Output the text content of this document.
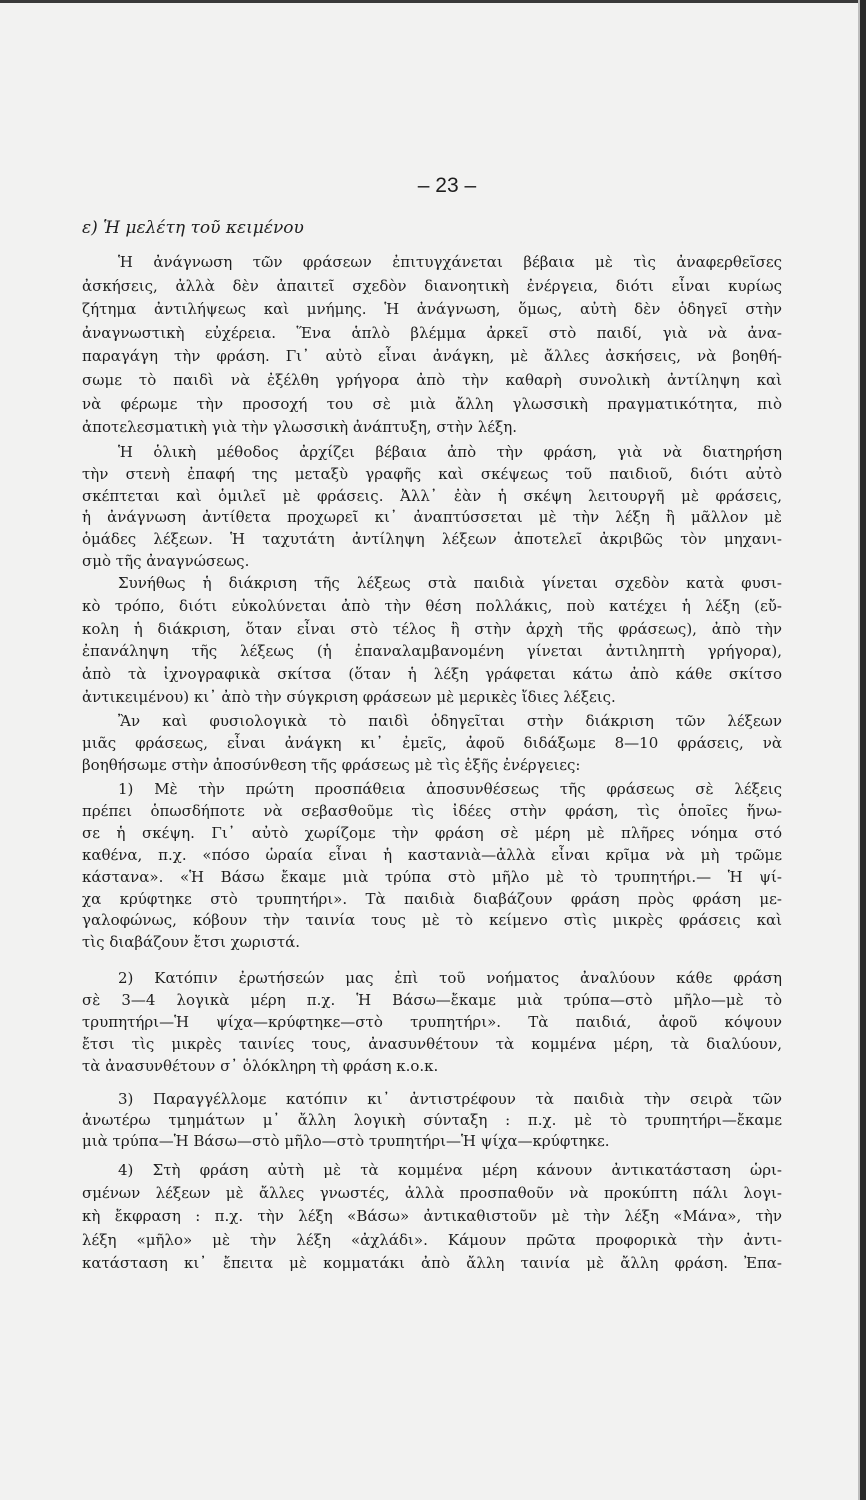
– 23 –
ε) Ἡ μελέτη τοῦ κειμένου
Ἡ ἀνάγνωση τῶν φράσεων ἐπιτυγχάνεται βέβαια μὲ τὶς ἀναφερθεῖσες
ἀσκήσεις, ἀλλὰ δὲν ἀπαιτεῖ σχεδὸν διανοητικὴ ἐνέργεια, διότι εἶναι κυρίως
ζήτημα ἀντιλήψεως καὶ μνήμης. Ἡ ἀνάγνωση, ὅμως, αὐτὴ δὲν ὁδηγεῖ στὴν
ἀναγνωστικὴ εὐχέρεια. Ἕνα ἁπλὸ βλέμμα ἀρκεῖ στὸ παιδί, γιὰ νὰ ἀνα-
παραγάγη τὴν φράση. Γι᾽ αὐτὸ εἶναι ἀνάγκη, μὲ ἄλλες ἀσκήσεις, νὰ βοηθή-
σωμε τὸ παιδὶ νὰ ἐξέλθη γρήγορα ἀπὸ τὴν καθαρὴ συνολικὴ ἀντίληψη καὶ
νὰ φέρωμε τὴν προσοχή του σὲ μιὰ ἄλλη γλωσσικὴ πραγματικότητα, πιὸ
ἀποτελεσματικὴ γιὰ τὴν γλωσσικὴ ἀνάπτυξη, στὴν λέξη.
Ἡ ὁλικὴ μέθοδος ἀρχίζει βέβαια ἀπὸ τὴν φράση, γιὰ νὰ διατηρήση
τὴν στενὴ ἐπαφή της μεταξὺ γραφῆς καὶ σκέψεως τοῦ παιδιοῦ, διότι αὐτὸ
σκέπτεται καὶ ὁμιλεῖ μὲ φράσεις. Ἀλλ᾽ ἐὰν ἡ σκέψη λειτουργῆ μὲ φράσεις,
ἡ ἀνάγνωση ἀντίθετα προχωρεῖ κι᾽ ἀναπτύσσεται μὲ τὴν λέξη ἢ μᾶλλον μὲ
ὁμάδες λέξεων. Ἡ ταχυτάτη ἀντίληψη λέξεων ἀποτελεῖ ἀκριβῶς τὸν μηχανι-
σμὸ τῆς ἀναγνώσεως.
Συνήθως ἡ διάκριση τῆς λέξεως στὰ παιδιὰ γίνεται σχεδὸν κατὰ φυσι-
κὸ τρόπο, διότι εὐκολύνεται ἀπὸ τὴν θέση πολλάκις, ποὺ κατέχει ἡ λέξη (εὔ-
κολη ἡ διάκριση, ὅταν εἶναι στὸ τέλος ἢ στὴν ἀρχὴ τῆς φράσεως), ἀπὸ τὴν
ἐπανάληψη τῆς λέξεως (ἡ ἐπαναλαμβανομένη γίνεται ἀντιληπτὴ γρήγορα),
ἀπὸ τὰ ἰχνογραφικὰ σκίτσα (ὅταν ἡ λέξη γράφεται κάτω ἀπὸ κάθε σκίτσο
ἀντικειμένου) κι᾽ ἀπὸ τὴν σύγκριση φράσεων μὲ μερικὲς ἴδιες λέξεις.
Ἂν καὶ φυσιολογικὰ τὸ παιδὶ ὁδηγεῖται στὴν διάκριση τῶν λέξεων
μιᾶς φράσεως, εἶναι ἀνάγκη κι᾽ ἐμεῖς, ἀφοῦ διδάξωμε 8—10 φράσεις, νὰ
βοηθήσωμε στὴν ἀποσύνθεση τῆς φράσεως μὲ τὶς ἑξῆς ἐνέργειες:
1) Μὲ τὴν πρώτη προσπάθεια ἀποσυνθέσεως τῆς φράσεως σὲ λέξεις
πρέπει ὁπωσδήποτε νὰ σεβασθοῦμε τὶς ἰδέες στὴν φράση, τὶς ὁποῖες ἥνω-
σε ἡ σκέψη. Γι᾽ αὐτὸ χωρίζομε τὴν φράση σὲ μέρη μὲ πλῆρες νόημα στό
καθένα, π.χ. «πόσο ὡραία εἶναι ἡ καστανιὰ—ἀλλὰ εἶναι κρῖμα νὰ μὴ τρῶμε
κάστανα». «Ἡ Βάσω ἔκαμε μιὰ τρύπα στὸ μῆλο μὲ τὸ τρυπητήρι.— Ἡ ψί-
χα κρύφτηκε στὸ τρυπητήρι». Τὰ παιδιὰ διαβάζουν φράση πρὸς φράση με-
γαλοφώνως, κόβουν τὴν ταινία τους μὲ τὸ κείμενο στὶς μικρὲς φράσεις καὶ
τὶς διαβάζουν ἔτσι χωριστά.
2) Κατόπιν ἐρωτήσεών μας ἐπὶ τοῦ νοήματος ἀναλύουν κάθε φράση
σὲ 3—4 λογικὰ μέρη π.χ. Ἡ Βάσω—ἔκαμε μιὰ τρύπα—στὸ μῆλο—μὲ τὸ
τρυπητήρι—Ἡ ψίχα—κρύφτηκε—στὸ τρυπητήρι». Τὰ παιδιά, ἀφοῦ κόψουν
ἔτσι τὶς μικρὲς ταινίες τους, ἀνασυνθέτουν τὰ κομμένα μέρη, τὰ διαλύουν,
τὰ ἀνασυνθέτουν σ᾽ ὁλόκληρη τὴ φράση κ.ο.κ.
3) Παραγγέλλομε κατόπιν κι᾽ ἀντιστρέφουν τὰ παιδιὰ τὴν σειρὰ τῶν
ἀνωτέρω τμημάτων μ᾽ ἄλλη λογικὴ σύνταξη : π.χ. μὲ τὸ τρυπητήρι—ἔκαμε
μιὰ τρύπα—Ἡ Βάσω—στὸ μῆλο—στὸ τρυπητήρι—Ἡ ψίχα—κρύφτηκε.
4) Στὴ φράση αὐτὴ μὲ τὰ κομμένα μέρη κάνουν ἀντικατάσταση ὡρι-
σμένων λέξεων μὲ ἄλλες γνωστές, ἀλλὰ προσπαθοῦν νὰ προκύπτη πάλι λογι-
κὴ ἔκφραση : π.χ. τὴν λέξη «Βάσω» ἀντικαθιστοῦν μὲ τὴν λέξη «Μάνα», τὴν
λέξη «μῆλο» μὲ τὴν λέξη «ἀχλάδι». Κάμουν πρῶτα προφορικὰ τὴν ἀντι-
κατάσταση κι᾽ ἔπειτα μὲ κομματάκι ἀπὸ ἄλλη ταινία μὲ ἄλλη φράση. Ἐπα-
